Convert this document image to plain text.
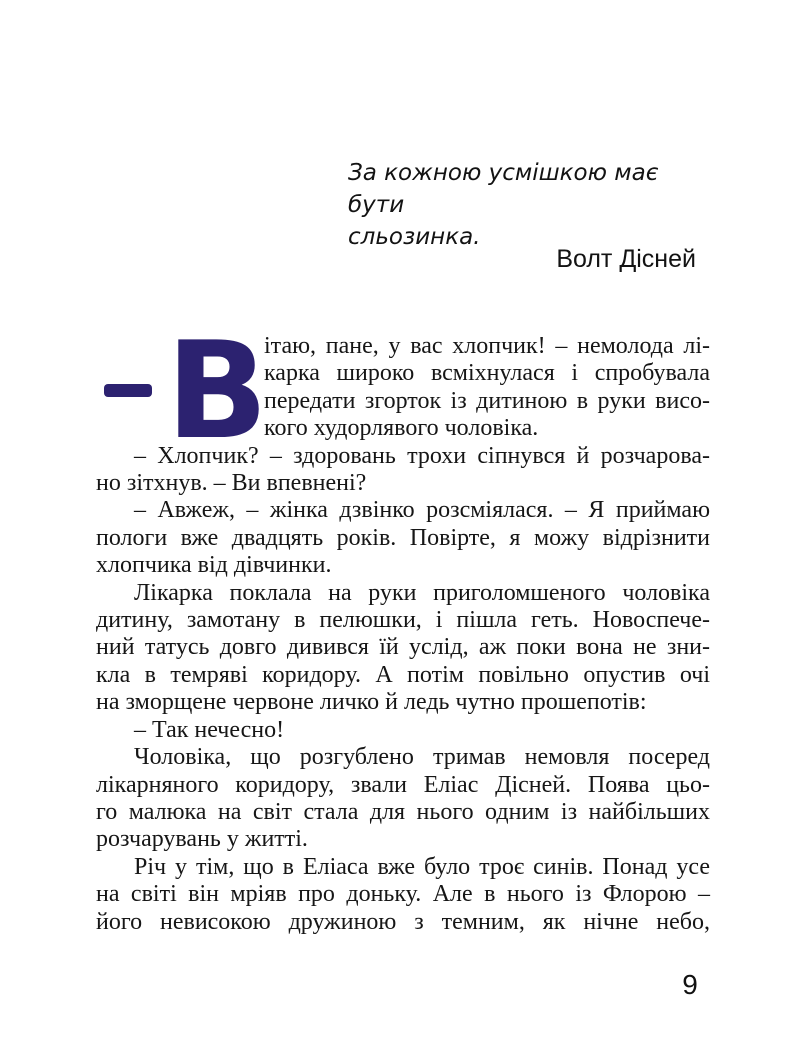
За кожною усмішкою має бути
сльозинка.
Волт Дісней
В
ітаю, пане, у вас хлопчик! – немолода лі-
карка широко всміхнулася і спробувала
передати згорток із дитиною в руки висо-
кого худорлявого чоловіка.
– Хлопчик? – здоровань трохи сіпнувся й розчарова-
но зітхнув. – Ви впевнені?
– Авжеж, – жінка дзвінко розсміялася. – Я приймаю
пологи вже двадцять років. Повірте, я можу відрізнити
хлопчика від дівчинки.
Лікарка поклала на руки приголомшеного чоловіка
дитину, замотану в пелюшки, і пішла геть. Новоспече-
ний татусь довго дивився їй услід, аж поки вона не зни-
кла в темряві коридору. А потім повільно опустив очі
на зморщене червоне личко й ледь чутно прошепотів:
– Так нечесно!
Чоловіка, що розгублено тримав немовля посеред
лікарняного коридору, звали Еліас Дісней. Поява цьо-
го малюка на світ стала для нього одним із найбільших
розчарувань у житті.
Річ у тім, що в Еліаса вже було троє синів. Понад усе
на світі він мріяв про доньку. Але в нього із Флорою –
його невисокою дружиною з темним, як нічне небо,
9
